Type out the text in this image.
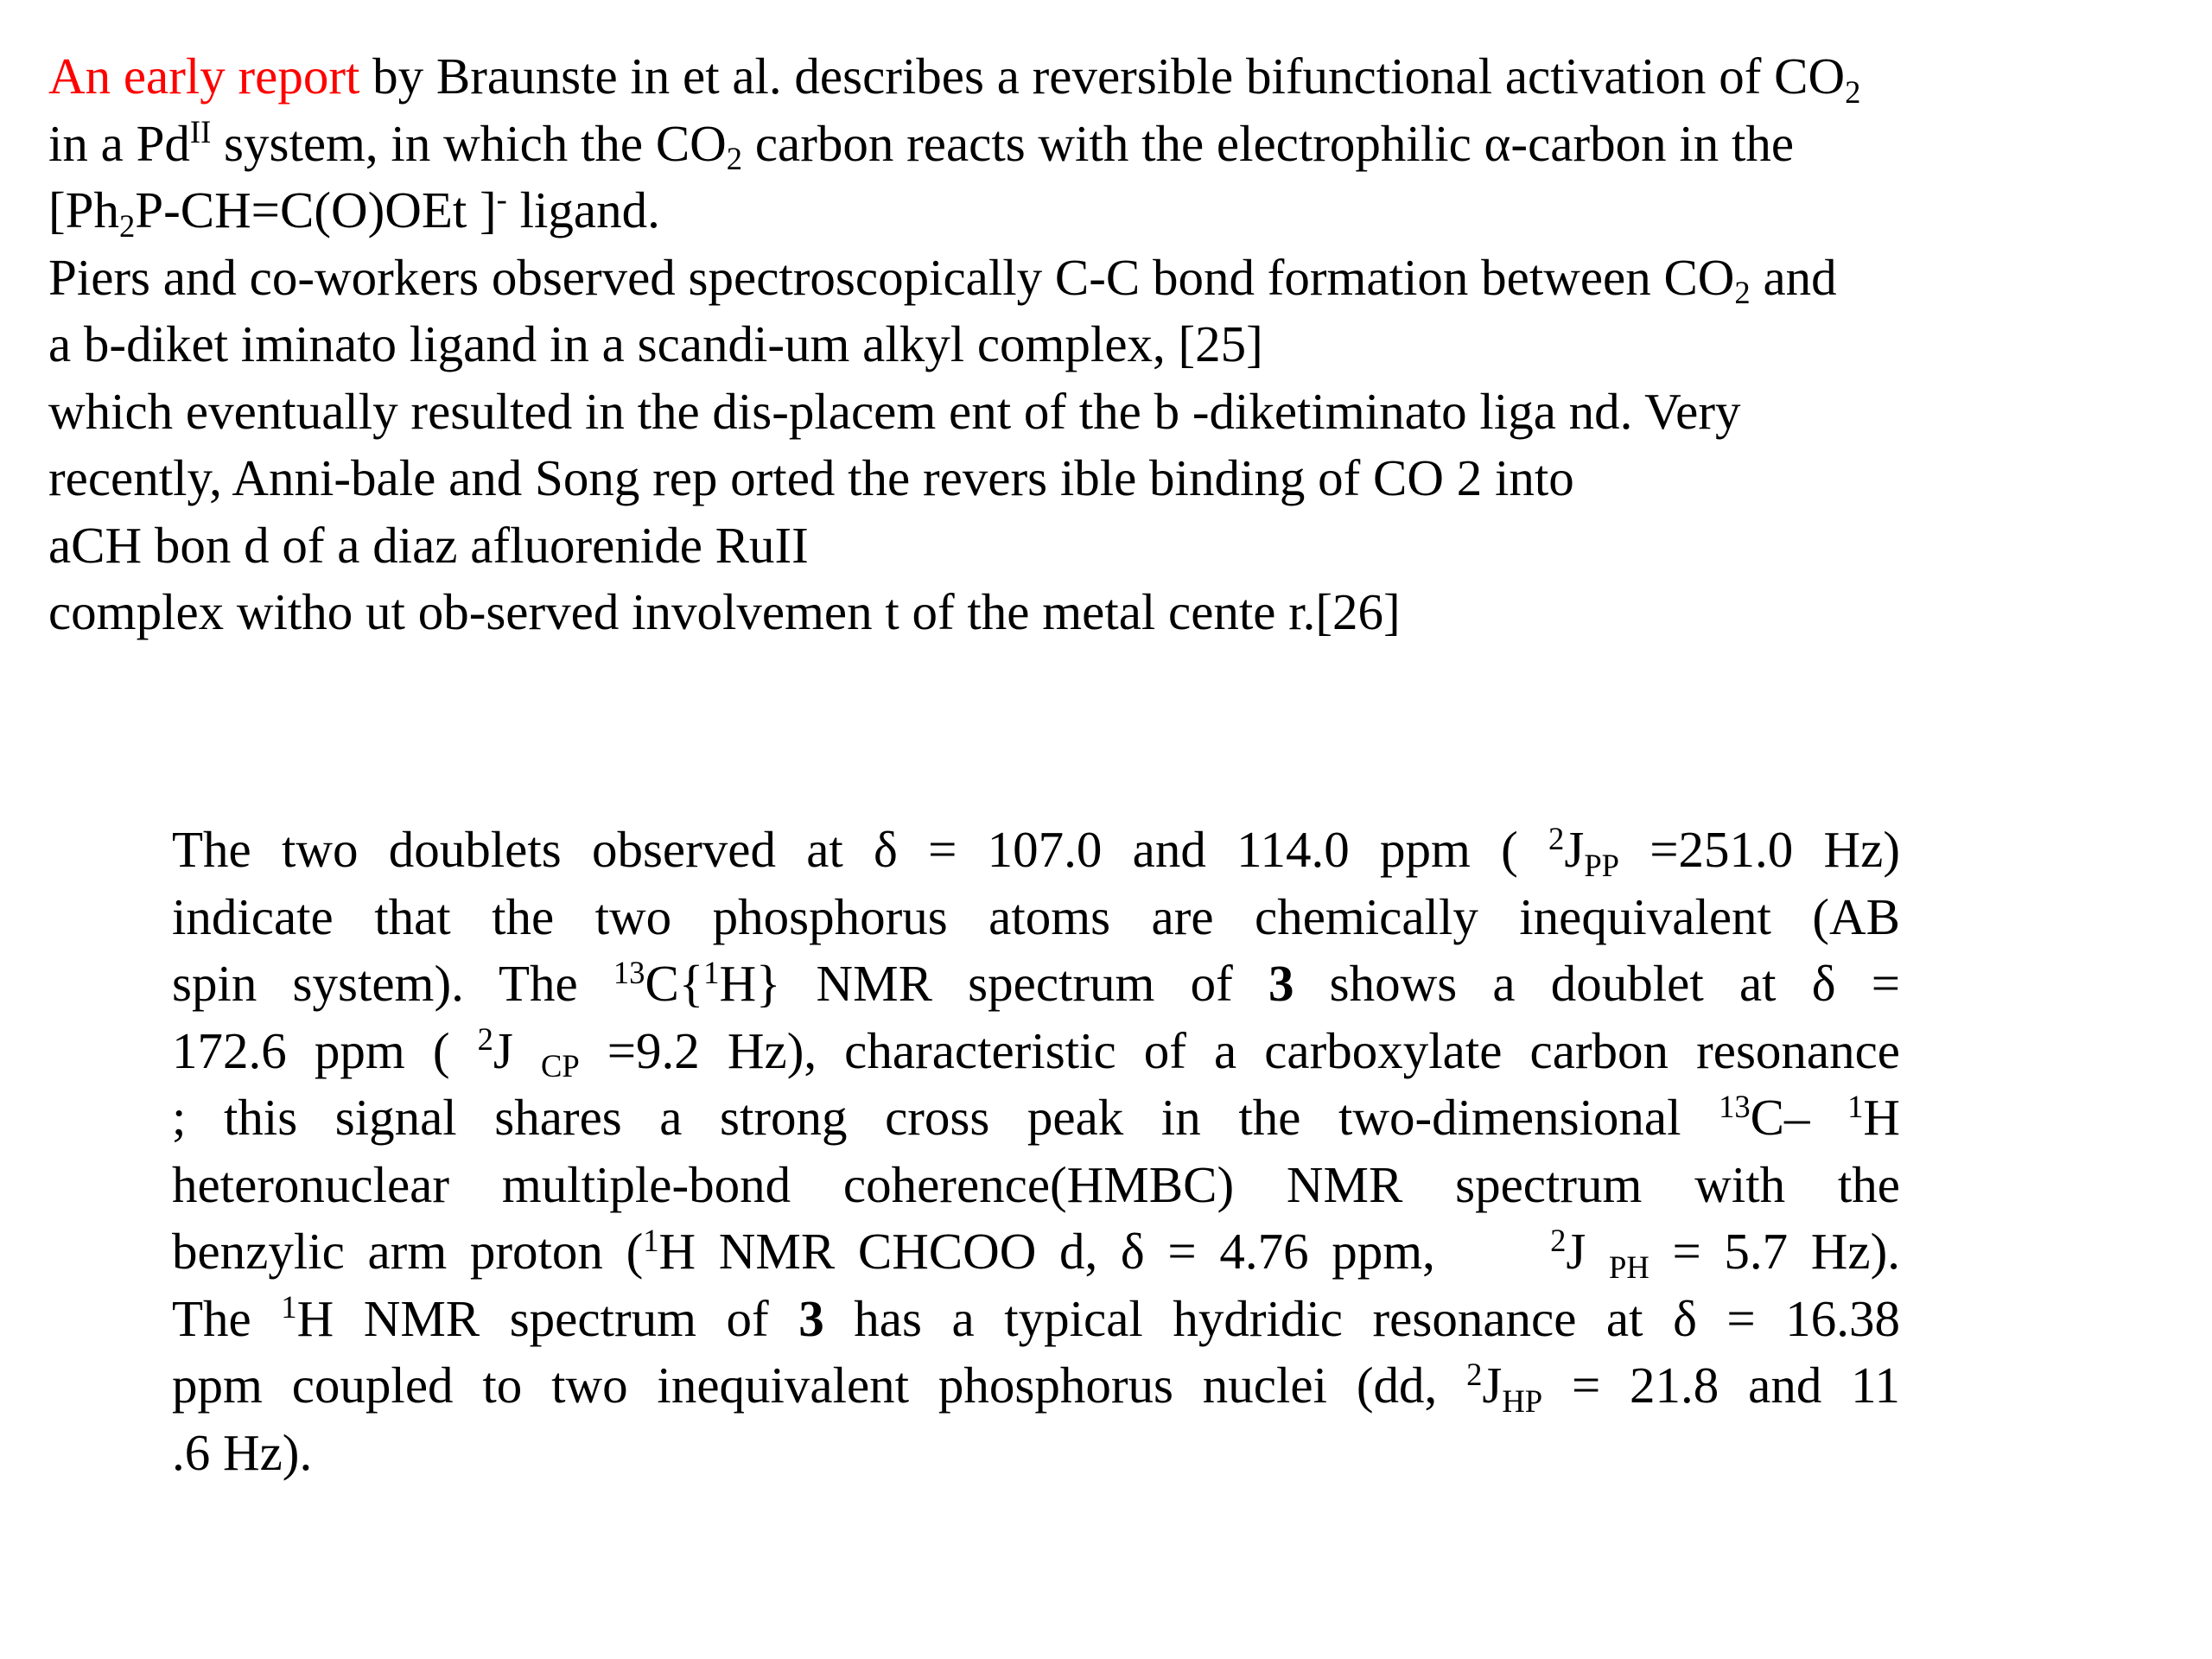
An early report by Braunste in et al. describes a reversible bifunctional activation of $CO_2$
in a $Pd^{II}$ system, in which the $CO_2$ carbon reacts with the electrophilic α-carbon in the
[$Ph_2P-CH=C(O)OEt$ ]- ligand.
Piers and co-workers observed spectroscopically C-C bond formation between $CO_2$ and
a b-diket iminato ligand in a scandi-um alkyl complex, [25]
which eventually resulted in the dis-placem ent of the b -diketiminato liga nd. Very
recently, Anni-bale and Song rep orted the revers ible binding of CO 2 into
aCH bon d of a diaz afluorenide RuII
complex witho ut ob-served involvemen t of the metal cente r.[26]
The two doublets observed at δ = 107.0 and 114.0 ppm ( $^2J_{PP} =251.0$ Hz)
indicate that the two phosphorus atoms are chemically inequivalent (AB
spin system). The $^{13}$C{$^1$H} NMR spectrum of 3 shows a doublet at δ =
172.6 ppm ( $^2$J $_{CP}$ =9.2 Hz), characteristic of a carboxylate carbon resonance
; this signal shares a strong cross peak in the two-dimensional $^{13}$C– $^1$H
heteronuclear multiple-bond coherence(HMBC) NMR spectrum with the
benzylic arm proton ($^1$H NMR CHCOO d, δ = 4.76 ppm,     $^2$J $_{PH}$ = 5.7 Hz).
The $^1$H NMR spectrum of 3 has a typical hydridic resonance at δ = 16.38
ppm coupled to two inequivalent phosphorus nuclei (dd, $^2J_{HP} = 21.8$ and 11
.6 Hz).
